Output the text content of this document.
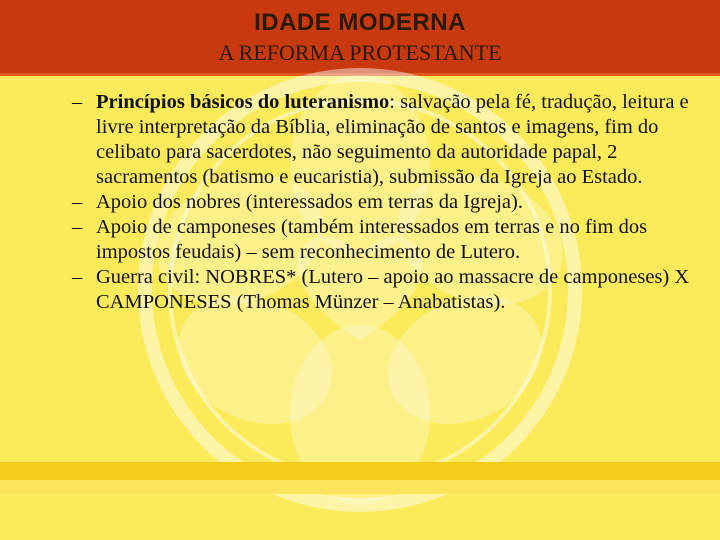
IDADE MODERNA
A REFORMA PROTESTANTE

– Princípios básicos do luteranismo: salvação pela fé, tradução, leitura e livre interpretação da Bíblia, eliminação de santos e imagens, fim do celibato para sacerdotes, não seguimento da autoridade papal, 2 sacramentos (batismo e eucaristia), submissão da Igreja ao Estado.

– Apoio dos nobres (interessados em terras da Igreja).

– Apoio de camponeses (também interessados em terras e no fim dos impostos feudais) – sem reconhecimento de Lutero.

– Guerra civil: NOBRES* (Lutero – apoio ao massacre de camponeses) X CAMPONESES (Thomas Münzer – Anabatistas).
